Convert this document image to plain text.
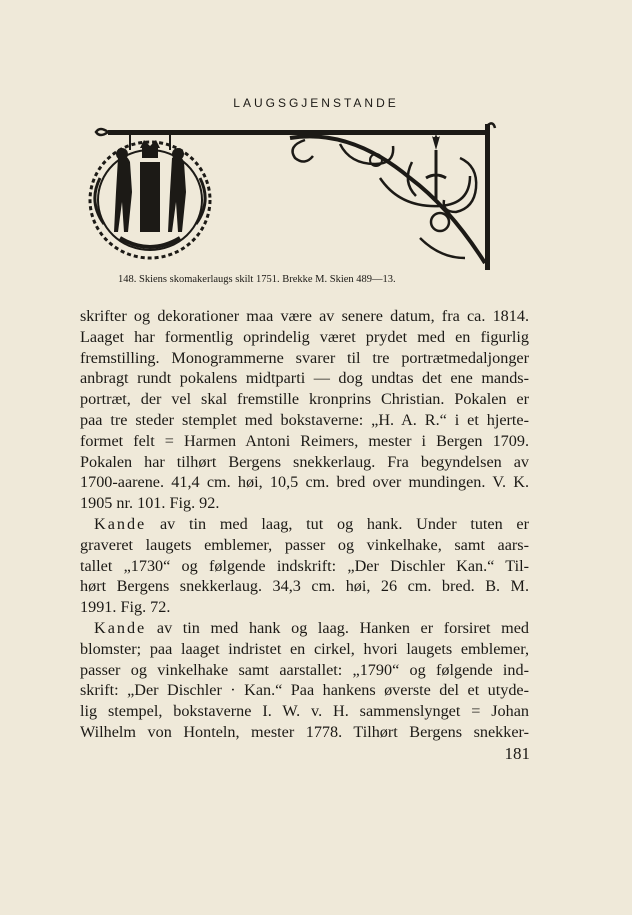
LAUGSGJENSTANDE
148. Skiens skomakerlaugs skilt 1751. Brekke M. Skien 489—13.
skrifter og dekorationer maa være av senere datum, fra ca. 1814.
Laaget har formentlig oprindelig været prydet med en figurlig
fremstilling. Monogrammerne svarer til tre portrætmedaljonger
anbragt rundt pokalens midtparti — dog undtas det ene mands-
portræt, der vel skal fremstille kronprins Christian. Pokalen er
paa tre steder stemplet med bokstaverne: „H. A. R.“ i et hjerte-
formet felt = Harmen Antoni Reimers, mester i Bergen 1709.
Pokalen har tilhørt Bergens snekkerlaug. Fra begyndelsen av
1700-aarene. 41,4 cm. høi, 10,5 cm. bred over mundingen. V. K.
1905 nr. 101. Fig. 92.
Kande av tin med laag, tut og hank. Under tuten er
graveret laugets emblemer, passer og vinkelhake, samt aars-
tallet „1730“ og følgende indskrift: „Der Dischler Kan.“ Til-
hørt Bergens snekkerlaug. 34,3 cm. høi, 26 cm. bred. B. M.
1991. Fig. 72.
Kande av tin med hank og laag. Hanken er forsiret med
blomster; paa laaget indristet en cirkel, hvori laugets emblemer,
passer og vinkelhake samt aarstallet: „1790“ og følgende ind-
skrift: „Der Dischler · Kan.“ Paa hankens øverste del et utyde-
lig stempel, bokstaverne I. W. v. H. sammenslynget = Johan
Wilhelm von Honteln, mester 1778. Tilhørt Bergens snekker-
181
